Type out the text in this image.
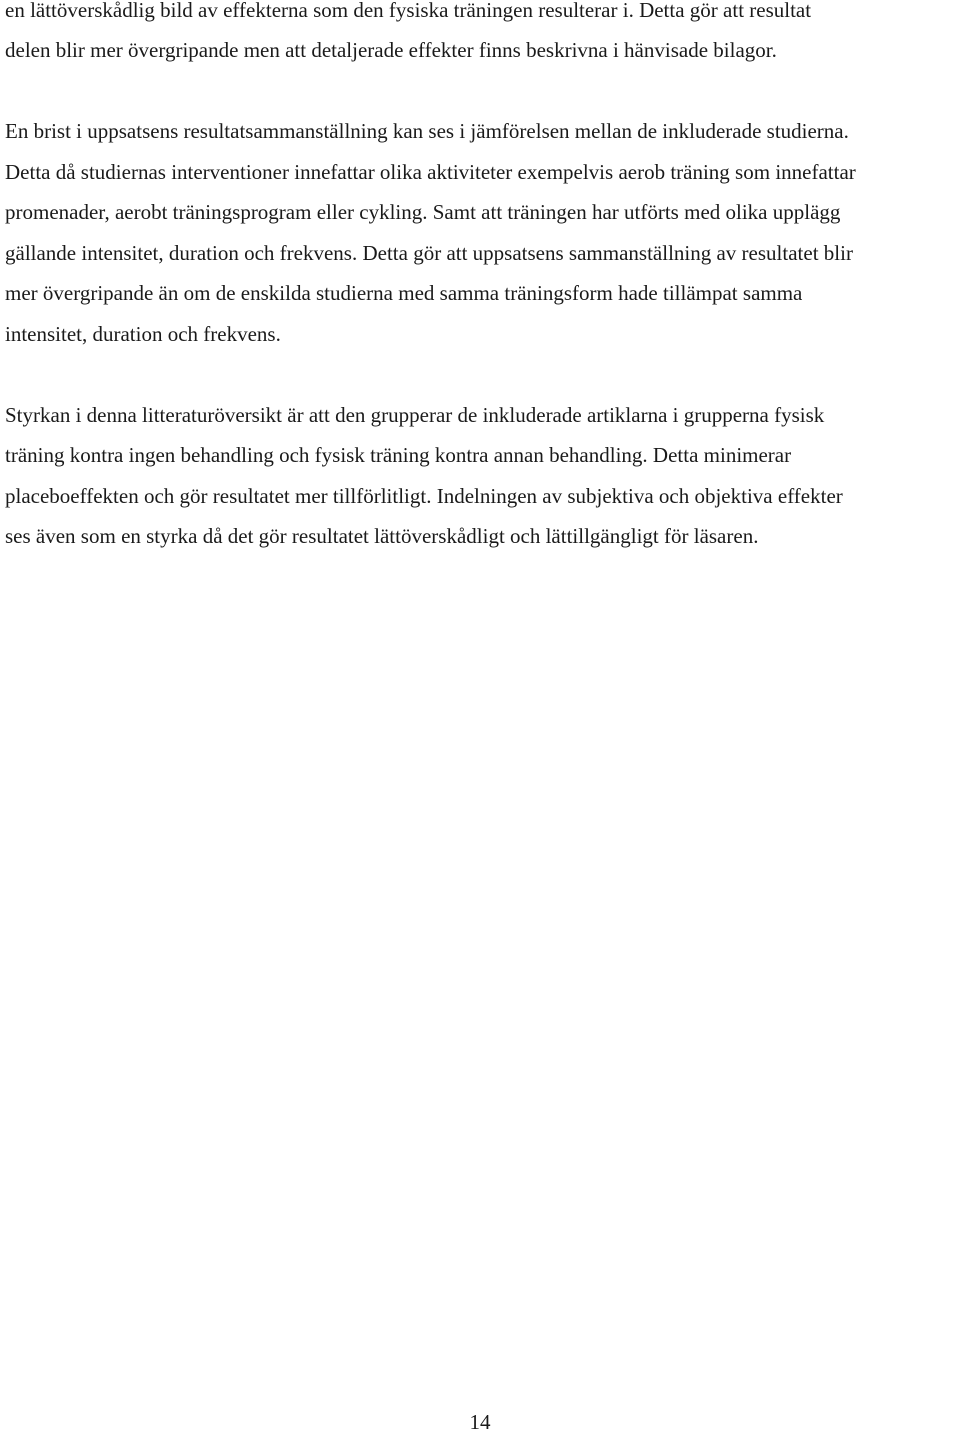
en lättöverskådlig bild av effekterna som den fysiska träningen resulterar i. Detta gör att resultat
delen blir mer övergripande men att detaljerade effekter finns beskrivna i hänvisade bilagor.
En brist i uppsatsens resultatsammanställning kan ses i jämförelsen mellan de inkluderade studierna.
Detta då studiernas interventioner innefattar olika aktiviteter exempelvis aerob träning som innefattar
promenader, aerobt träningsprogram eller cykling. Samt att träningen har utförts med olika upplägg
gällande intensitet, duration och frekvens. Detta gör att uppsatsens sammanställning av resultatet blir
mer övergripande än om de enskilda studierna med samma träningsform hade tillämpat samma
intensitet, duration och frekvens.
Styrkan i denna litteraturöversikt är att den grupperar de inkluderade artiklarna i grupperna fysisk
träning kontra ingen behandling och fysisk träning kontra annan behandling. Detta minimerar
placeboeffekten och gör resultatet mer tillförlitligt. Indelningen av subjektiva och objektiva effekter
ses även som en styrka då det gör resultatet lättöverskådligt och lättillgängligt för läsaren.
14
